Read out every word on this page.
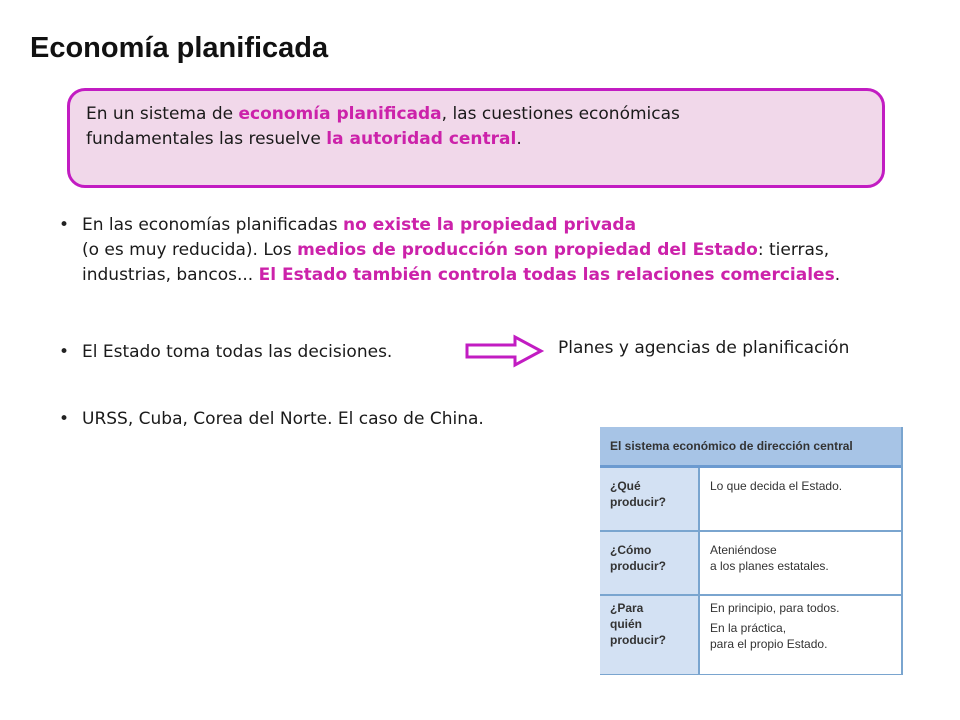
Economía planificada
En un sistema de economía planificada, las cuestiones económicas
fundamentales las resuelve la autoridad central.
• En las economías planificadas no existe la propiedad privada
(o es muy reducida). Los medios de producción son propiedad del Estado: tierras,
industrias, bancos... El Estado también controla todas las relaciones comerciales.
• El Estado toma todas las decisiones.	Planes y agencias de planificación
• URSS, Cuba, Corea del Norte. El caso de China.
El sistema económico de dirección central	

¿Qué
producir?	Lo que decida el Estado.

¿Cómo
producir?	Ateniéndose
a los planes estatales.

¿Para
quién
producir?	En principio, para todos.
En la práctica,
para el propio Estado.
